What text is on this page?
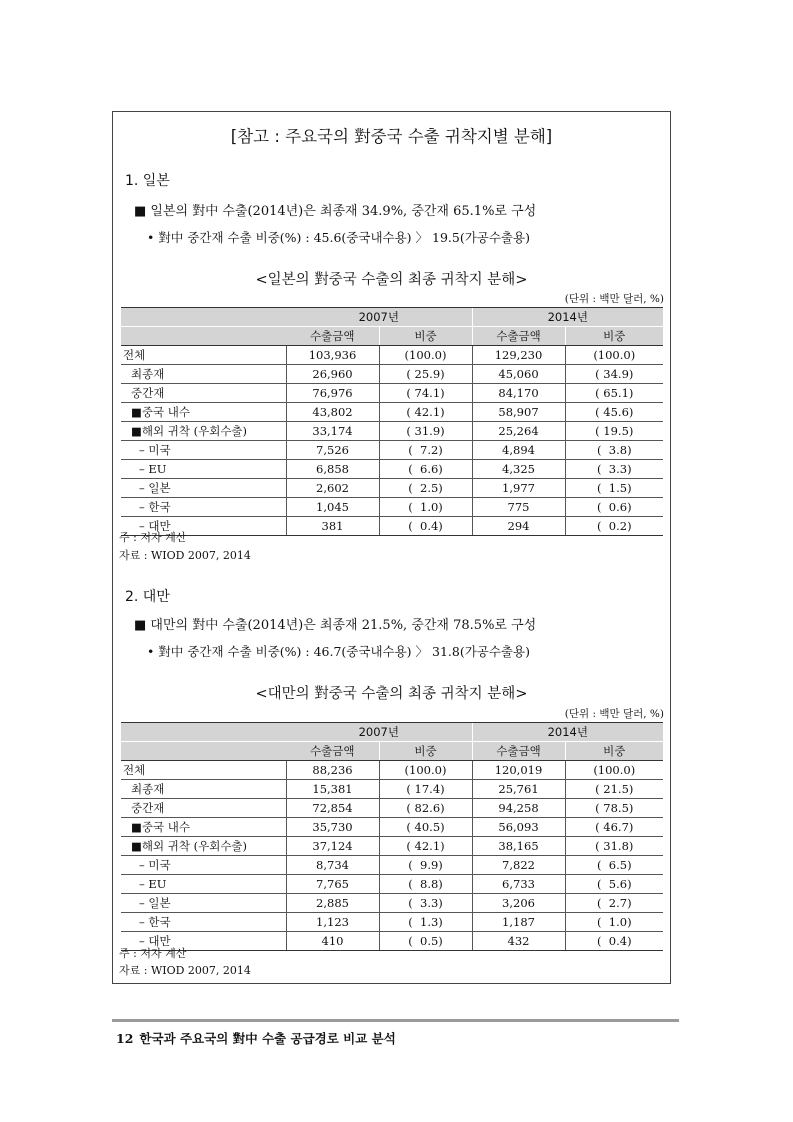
[참고 : 주요국의 對중국 수출 귀착지별 분해]
1. 일본
■ 일본의 對中 수출(2014년)은 최종재 34.9%, 중간재 65.1%로 구성
• 對中 중간재 수출 비중(%) : 45.6(중국내수용) 〉 19.5(가공수출용)
<일본의 對중국 수출의 최종 귀착지 분해>
(단위 : 백만 달러, %)
	2007년		2014년	
	수출금액	비중	수출금액	비중
전체	103,936	(100.0)	129,230	(100.0)
최종재	26,960	( 25.9)	45,060	( 34.9)
중간재	76,976	( 74.1)	84,170	( 65.1)
■중국 내수	43,802	( 42.1)	58,907	( 45.6)
■해외 귀착 (우회수출)	33,174	( 31.9)	25,264	( 19.5)
– 미국	7,526	(  7.2)	4,894	(  3.8)
– EU	6,858	(  6.6)	4,325	(  3.3)
– 일본	2,602	(  2.5)	1,977	(  1.5)
– 한국	1,045	(  1.0)	775	(  0.6)
– 대만	381	(  0.4)	294	(  0.2)
주 : 저자 계산
자료 : WIOD 2007, 2014
2. 대만
■ 대만의 對中 수출(2014년)은 최종재 21.5%, 중간재 78.5%로 구성
• 對中 중간재 수출 비중(%) : 46.7(중국내수용) 〉 31.8(가공수출용)
<대만의 對중국 수출의 최종 귀착지 분해>
(단위 : 백만 달러, %)
	2007년		2014년	
	수출금액	비중	수출금액	비중
전체	88,236	(100.0)	120,019	(100.0)
최종재	15,381	( 17.4)	25,761	( 21.5)
중간재	72,854	( 82.6)	94,258	( 78.5)
■중국 내수	35,730	( 40.5)	56,093	( 46.7)
■해외 귀착 (우회수출)	37,124	( 42.1)	38,165	( 31.8)
– 미국	8,734	(  9.9)	7,822	(  6.5)
– EU	7,765	(  8.8)	6,733	(  5.6)
– 일본	2,885	(  3.3)	3,206	(  2.7)
– 한국	1,123	(  1.3)	1,187	(  1.0)
– 대만	410	(  0.5)	432	(  0.4)
주 : 저자 계산
자료 : WIOD 2007, 2014
12 한국과 주요국의 對中 수출 공급경로 비교 분석
